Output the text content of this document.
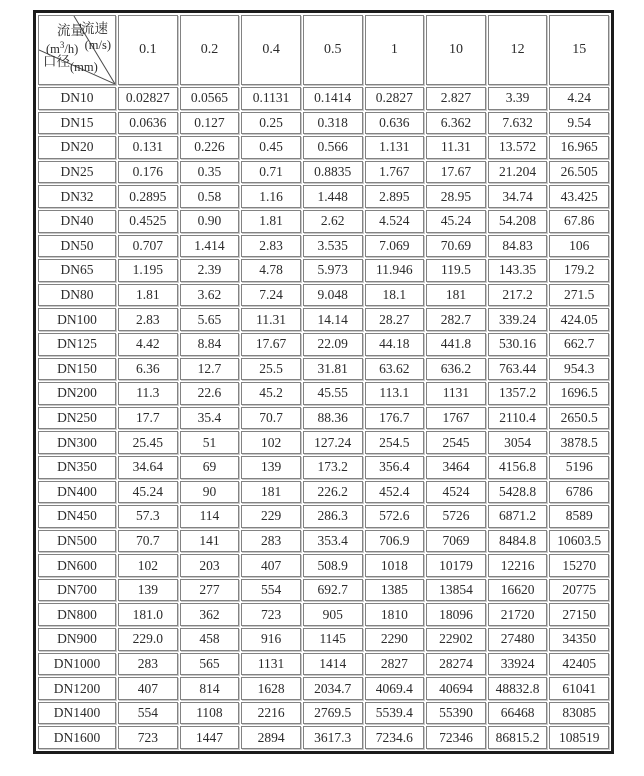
流量
$(m^3/h)$
流速
(m/s)
口径(mm)	0.1	0.2	0.4	0.5	1	10	12	15
DN10	0.02827	0.0565	0.1131	0.1414	0.2827	2.827	3.39	4.24
DN15	0.0636	0.127	0.25	0.318	0.636	6.362	7.632	9.54
DN20	0.131	0.226	0.45	0.566	1.131	11.31	13.572	16.965
DN25	0.176	0.35	0.71	0.8835	1.767	17.67	21.204	26.505
DN32	0.2895	0.58	1.16	1.448	2.895	28.95	34.74	43.425
DN40	0.4525	0.90	1.81	2.62	4.524	45.24	54.208	67.86
DN50	0.707	1.414	2.83	3.535	7.069	70.69	84.83	106
DN65	1.195	2.39	4.78	5.973	11.946	119.5	143.35	179.2
DN80	1.81	3.62	7.24	9.048	18.1	181	217.2	271.5
DN100	2.83	5.65	11.31	14.14	28.27	282.7	339.24	424.05
DN125	4.42	8.84	17.67	22.09	44.18	441.8	530.16	662.7
DN150	6.36	12.7	25.5	31.81	63.62	636.2	763.44	954.3
DN200	11.3	22.6	45.2	45.55	113.1	1131	1357.2	1696.5
DN250	17.7	35.4	70.7	88.36	176.7	1767	2110.4	2650.5
DN300	25.45	51	102	127.24	254.5	2545	3054	3878.5
DN350	34.64	69	139	173.2	356.4	3464	4156.8	5196
DN400	45.24	90	181	226.2	452.4	4524	5428.8	6786
DN450	57.3	114	229	286.3	572.6	5726	6871.2	8589
DN500	70.7	141	283	353.4	706.9	7069	8484.8	10603.5
DN600	102	203	407	508.9	1018	10179	12216	15270
DN700	139	277	554	692.7	1385	13854	16620	20775
DN800	181.0	362	723	905	1810	18096	21720	27150
DN900	229.0	458	916	1145	2290	22902	27480	34350
DN1000	283	565	1131	1414	2827	28274	33924	42405
DN1200	407	814	1628	2034.7	4069.4	40694	48832.8	61041
DN1400	554	1108	2216	2769.5	5539.4	55390	66468	83085
DN1600	723	1447	2894	3617.3	7234.6	72346	86815.2	108519
